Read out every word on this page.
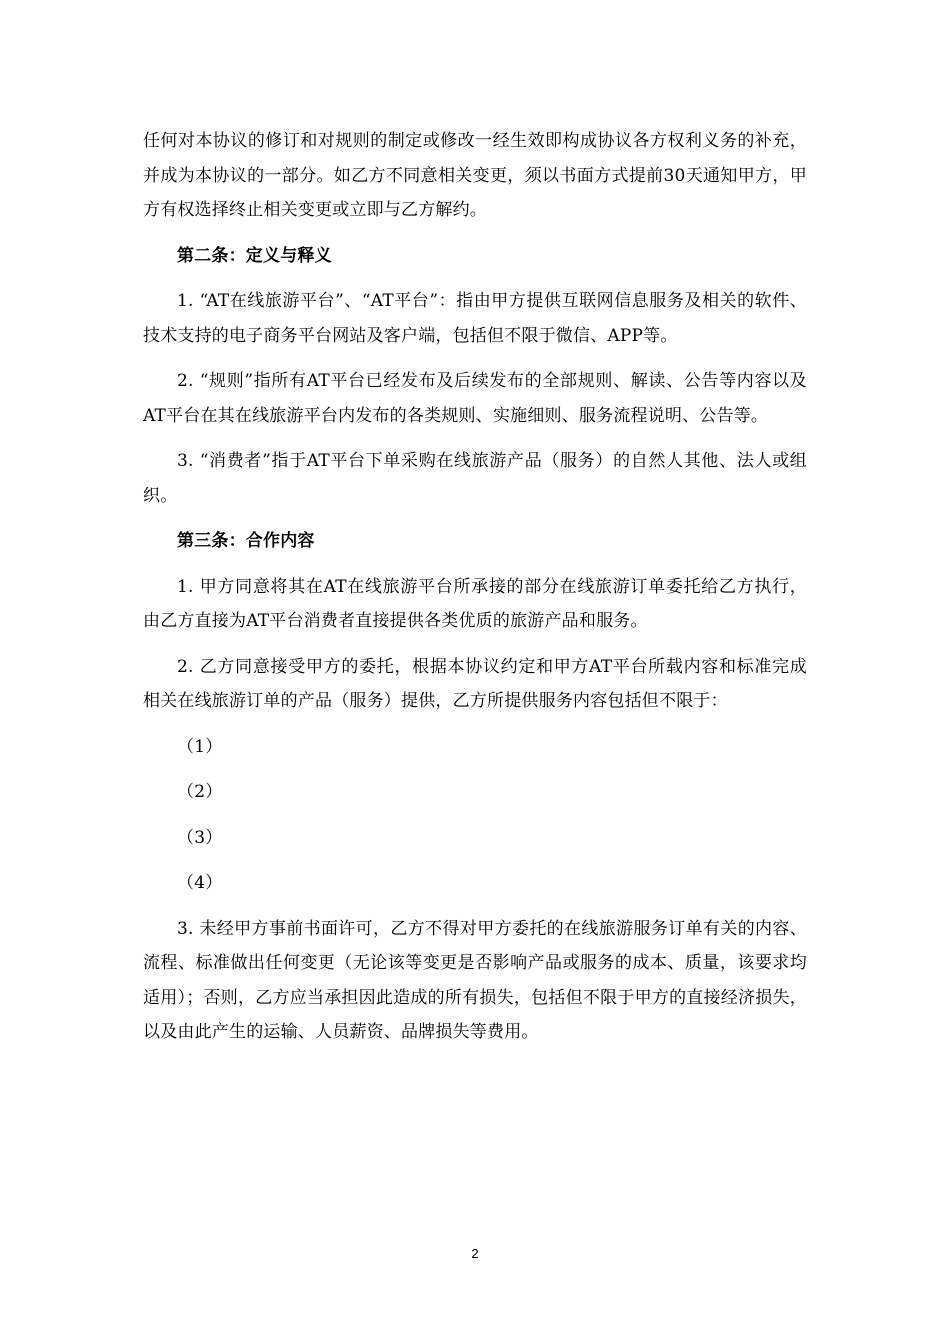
任何对本协议的修订和对规则的制定或修改一经生效即构成协议各方权利义务的补充，并成为本协议的一部分。如乙方不同意相关变更，须以书面方式提前30天通知甲方，甲方有权选择终止相关变更或立即与乙方解约。

第二条：定义与释义

1. “AT在线旅游平台”、“AT平台”：指由甲方提供互联网信息服务及相关的软件、技术支持的电子商务平台网站及客户端，包括但不限于微信、APP等。

2. “规则”指所有AT平台已经发布及后续发布的全部规则、解读、公告等内容以及AT平台在其在线旅游平台内发布的各类规则、实施细则、服务流程说明、公告等。

3. “消费者”指于AT平台下单采购在线旅游产品（服务）的自然人其他、法人或组织。

第三条：合作内容

1. 甲方同意将其在AT在线旅游平台所承接的部分在线旅游订单委托给乙方执行，由乙方直接为AT平台消费者直接提供各类优质的旅游产品和服务。

2. 乙方同意接受甲方的委托，根据本协议约定和甲方AT平台所载内容和标准完成相关在线旅游订单的产品（服务）提供，乙方所提供服务内容包括但不限于：

（1）

（2）

（3）

（4）

3. 未经甲方事前书面许可，乙方不得对甲方委托的在线旅游服务订单有关的内容、流程、标准做出任何变更（无论该等变更是否影响产品或服务的成本、质量，该要求均适用）；否则，乙方应当承担因此造成的所有损失，包括但不限于甲方的直接经济损失，以及由此产生的运输、人员薪资、品牌损失等费用。

2
